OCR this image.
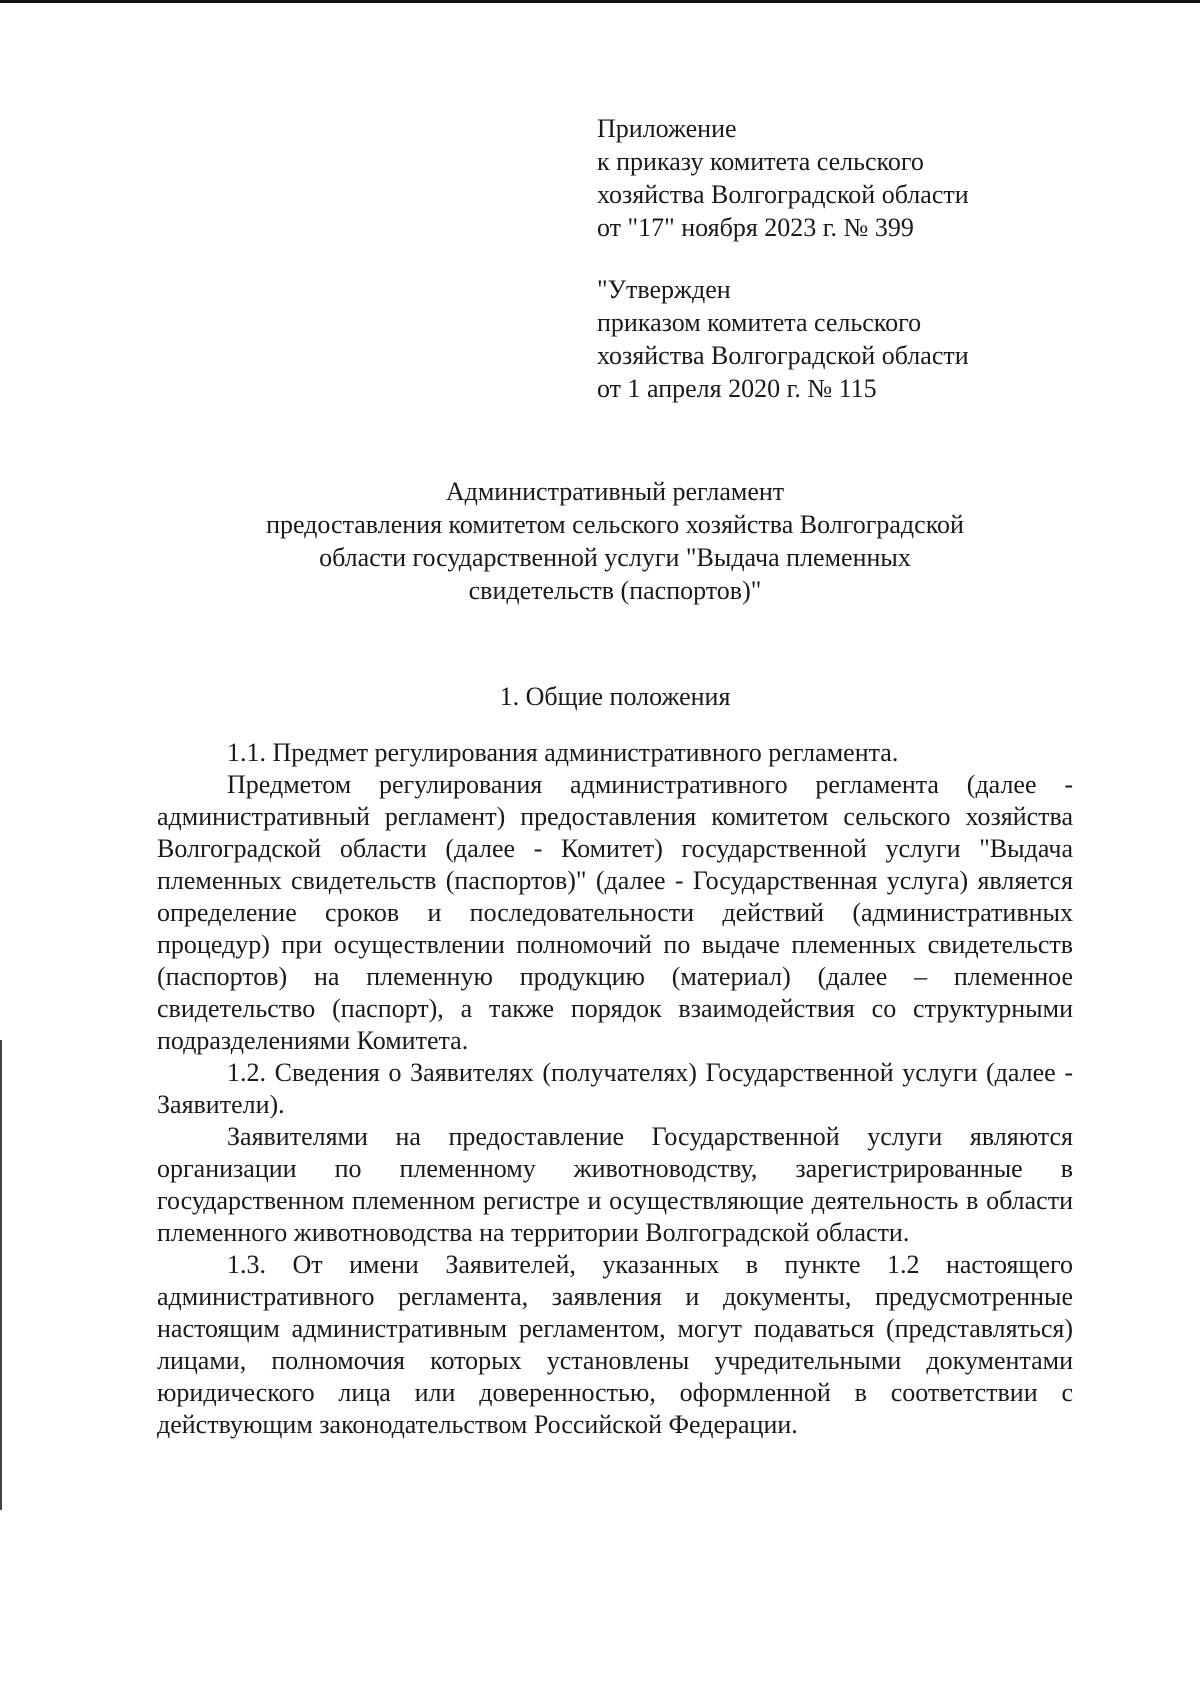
Приложение
к приказу комитета сельского
хозяйства Волгоградской области
от "17" ноября 2023 г. № 399
"Утвержден
приказом комитета сельского
хозяйства Волгоградской области
от 1 апреля 2020 г. № 115
Административный регламент
предоставления комитетом сельского хозяйства Волгоградской
области государственной услуги "Выдача племенных
свидетельств (паспортов)"
1. Общие положения

1.1. Предмет регулирования административного регламента.

Предметом регулирования административного регламента (далее - административный регламент) предоставления комитетом сельского хозяйства Волгоградской области (далее - Комитет) государственной услуги "Выдача племенных свидетельств (паспортов)" (далее - Государственная услуга) является определение сроков и последовательности действий (административных процедур) при осуществлении полномочий по выдаче племенных свидетельств (паспортов) на племенную продукцию (материал) (далее – племенное свидетельство (паспорт), а также порядок взаимодействия со структурными подразделениями Комитета.

1.2. Сведения о Заявителях (получателях) Государственной услуги (далее - Заявители).

Заявителями на предоставление Государственной услуги являются организации по племенному животноводству, зарегистрированные в государственном племенном регистре и осуществляющие деятельность в области племенного животноводства на территории Волгоградской области.

1.3. От имени Заявителей, указанных в пункте 1.2 настоящего административного регламента, заявления и документы, предусмотренные настоящим административным регламентом, могут подаваться (представляться) лицами, полномочия которых установлены учредительными документами юридического лица или доверенностью, оформленной в соответствии с действующим законодательством Российской Федерации.
